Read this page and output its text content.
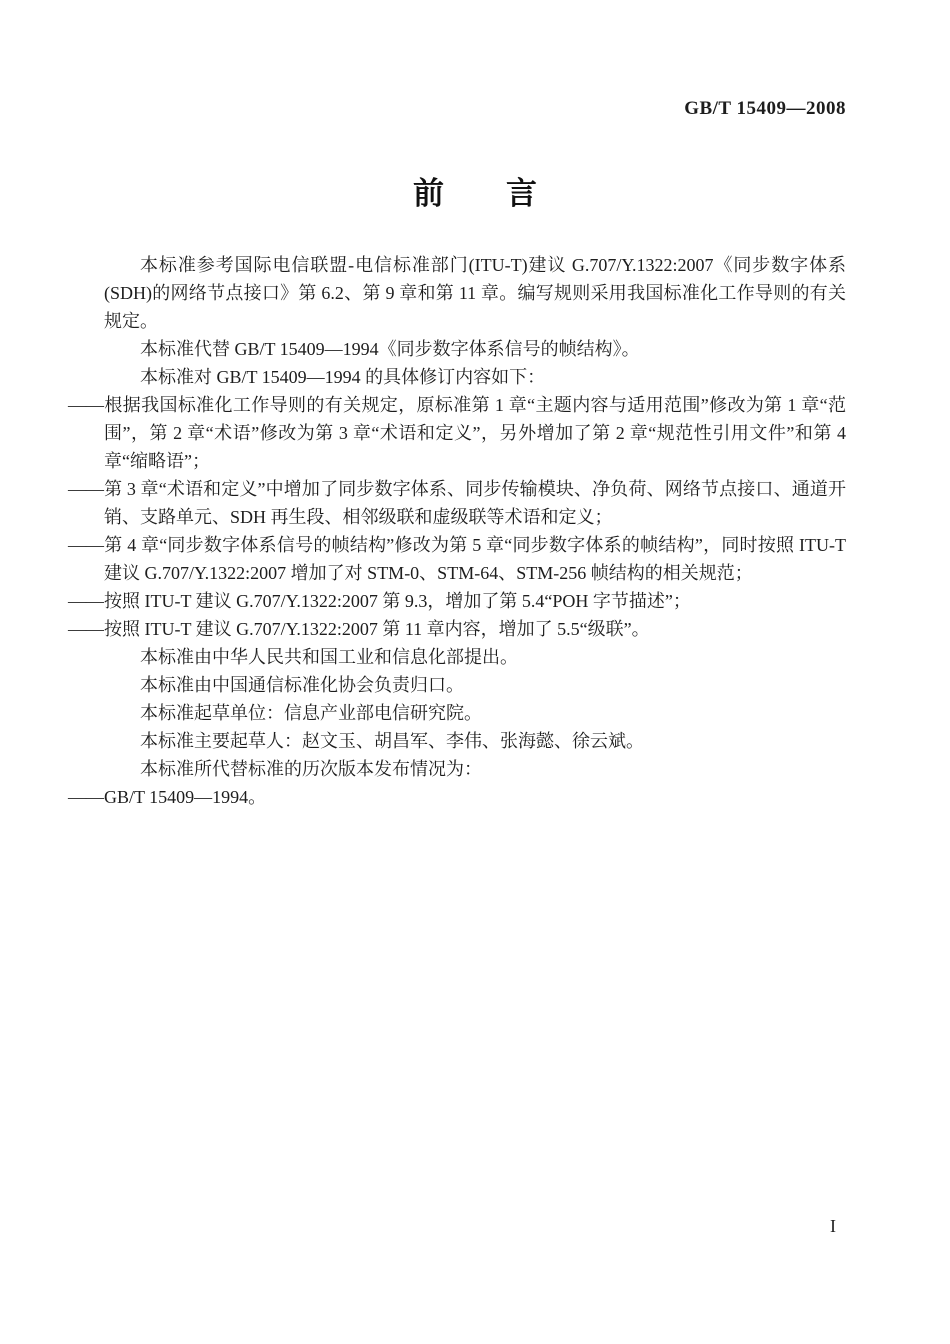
GB/T 15409—2008
前　　言

本标准参考国际电信联盟-电信标准部门(ITU-T)建议 G.707/Y.1322:2007《同步数字体系(SDH)的网络节点接口》第 6.2、第 9 章和第 11 章。编写规则采用我国标准化工作导则的有关规定。

本标准代替 GB/T 15409—1994《同步数字体系信号的帧结构》。

本标准对 GB/T 15409—1994 的具体修订内容如下：

——根据我国标准化工作导则的有关规定，原标准第 1 章“主题内容与适用范围”修改为第 1 章“范围”，第 2 章“术语”修改为第 3 章“术语和定义”，另外增加了第 2 章“规范性引用文件”和第 4 章“缩略语”；

——第 3 章“术语和定义”中增加了同步数字体系、同步传输模块、净负荷、网络节点接口、通道开销、支路单元、SDH 再生段、相邻级联和虚级联等术语和定义；

——第 4 章“同步数字体系信号的帧结构”修改为第 5 章“同步数字体系的帧结构”，同时按照 ITU-T 建议 G.707/Y.1322:2007 增加了对 STM-0、STM-64、STM-256 帧结构的相关规范；

——按照 ITU-T 建议 G.707/Y.1322:2007 第 9.3，增加了第 5.4“POH 字节描述”；

——按照 ITU-T 建议 G.707/Y.1322:2007 第 11 章内容，增加了 5.5“级联”。

本标准由中华人民共和国工业和信息化部提出。

本标准由中国通信标准化协会负责归口。

本标准起草单位：信息产业部电信研究院。

本标准主要起草人：赵文玉、胡昌军、李伟、张海懿、徐云斌。

本标准所代替标准的历次版本发布情况为：

——GB/T 15409—1994。

I
